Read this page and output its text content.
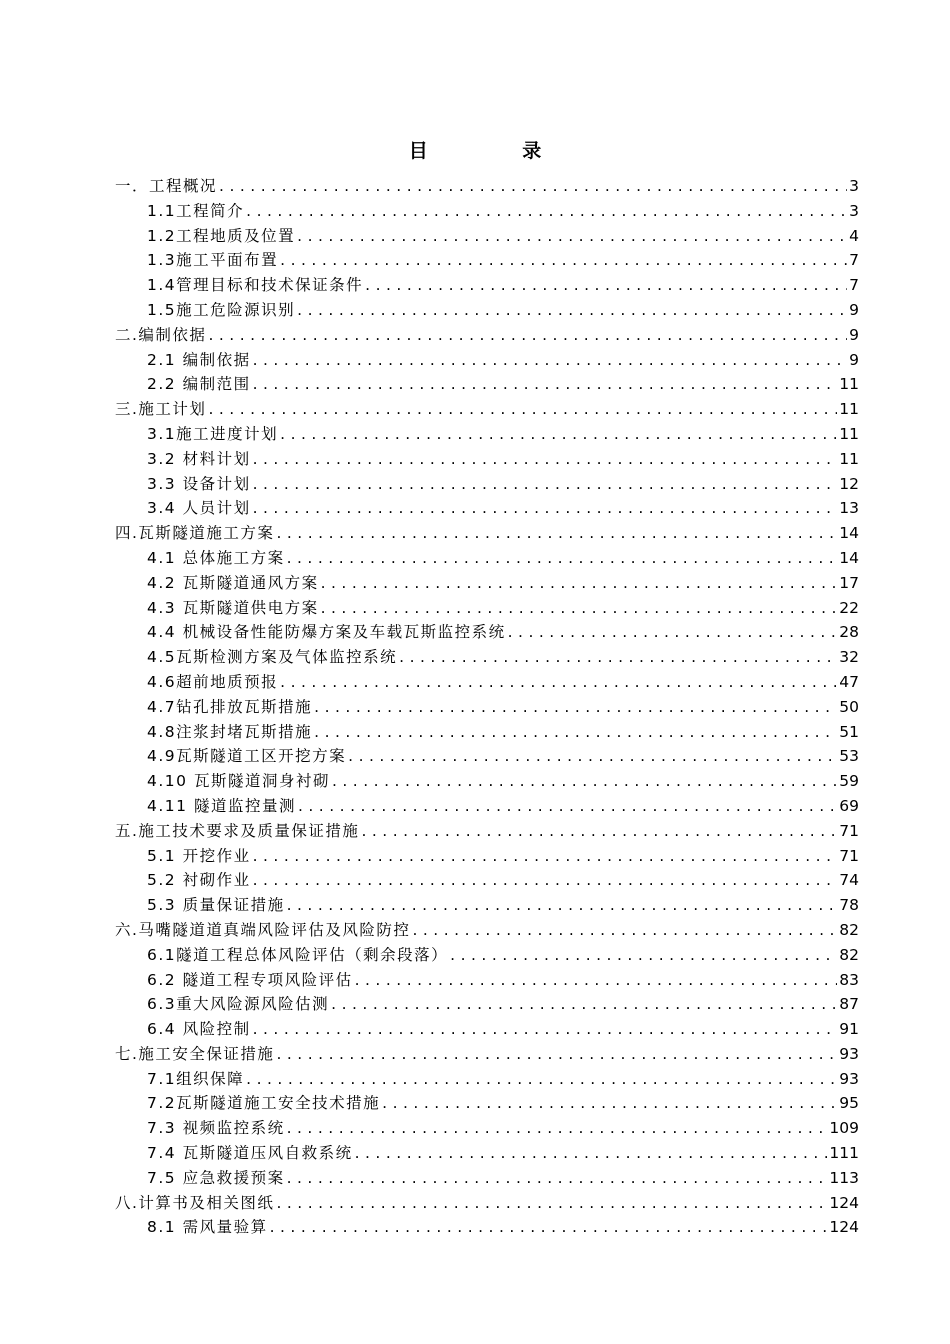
目 录
一．工程概况 .....	3
1.1工程简介 .....	3
1.2工程地质及位置 .....	4
1.3施工平面布置 .....	7
1.4管理目标和技术保证条件 .....	7
1.5施工危险源识别 .....	9
二.编制依据 .....	9
2.1 编制依据 .....	9
2.2 编制范围 .....	11
三.施工计划 .....	11
3.1施工进度计划 .....	11
3.2 材料计划 .....	11
3.3 设备计划 .....	12
3.4 人员计划 .....	13
四.瓦斯隧道施工方案 .....	14
4.1 总体施工方案 .....	14
4.2 瓦斯隧道通风方案 .....	17
4.3 瓦斯隧道供电方案 .....	22
4.4 机械设备性能防爆方案及车载瓦斯监控系统 .....	28
4.5瓦斯检测方案及气体监控系统 .....	32
4.6超前地质预报 .....	47
4.7钻孔排放瓦斯措施 .....	50
4.8注浆封堵瓦斯措施 .....	51
4.9瓦斯隧道工区开挖方案 .....	53
4.10 瓦斯隧道洞身衬砌 .....	59
4.11 隧道监控量测 .....	69
五.施工技术要求及质量保证措施 .....	71
5.1 开挖作业 .....	71
5.2 衬砌作业 .....	74
5.3 质量保证措施 .....	78
六.马嘴隧道道真端风险评估及风险防控 .....	82
6.1隧道工程总体风险评估（剩余段落） .....	82
6.2 隧道工程专项风险评估 .....	83
6.3重大风险源风险估测 .....	87
6.4 风险控制 .....	91
七.施工安全保证措施 .....	93
7.1组织保障 .....	93
7.2瓦斯隧道施工安全技术措施 .....	95
7.3 视频监控系统 .....	109
7.4 瓦斯隧道压风自救系统 .....	111
7.5 应急救援预案 .....	113
八.计算书及相关图纸 .....	124
8.1 需风量验算 .....	124
